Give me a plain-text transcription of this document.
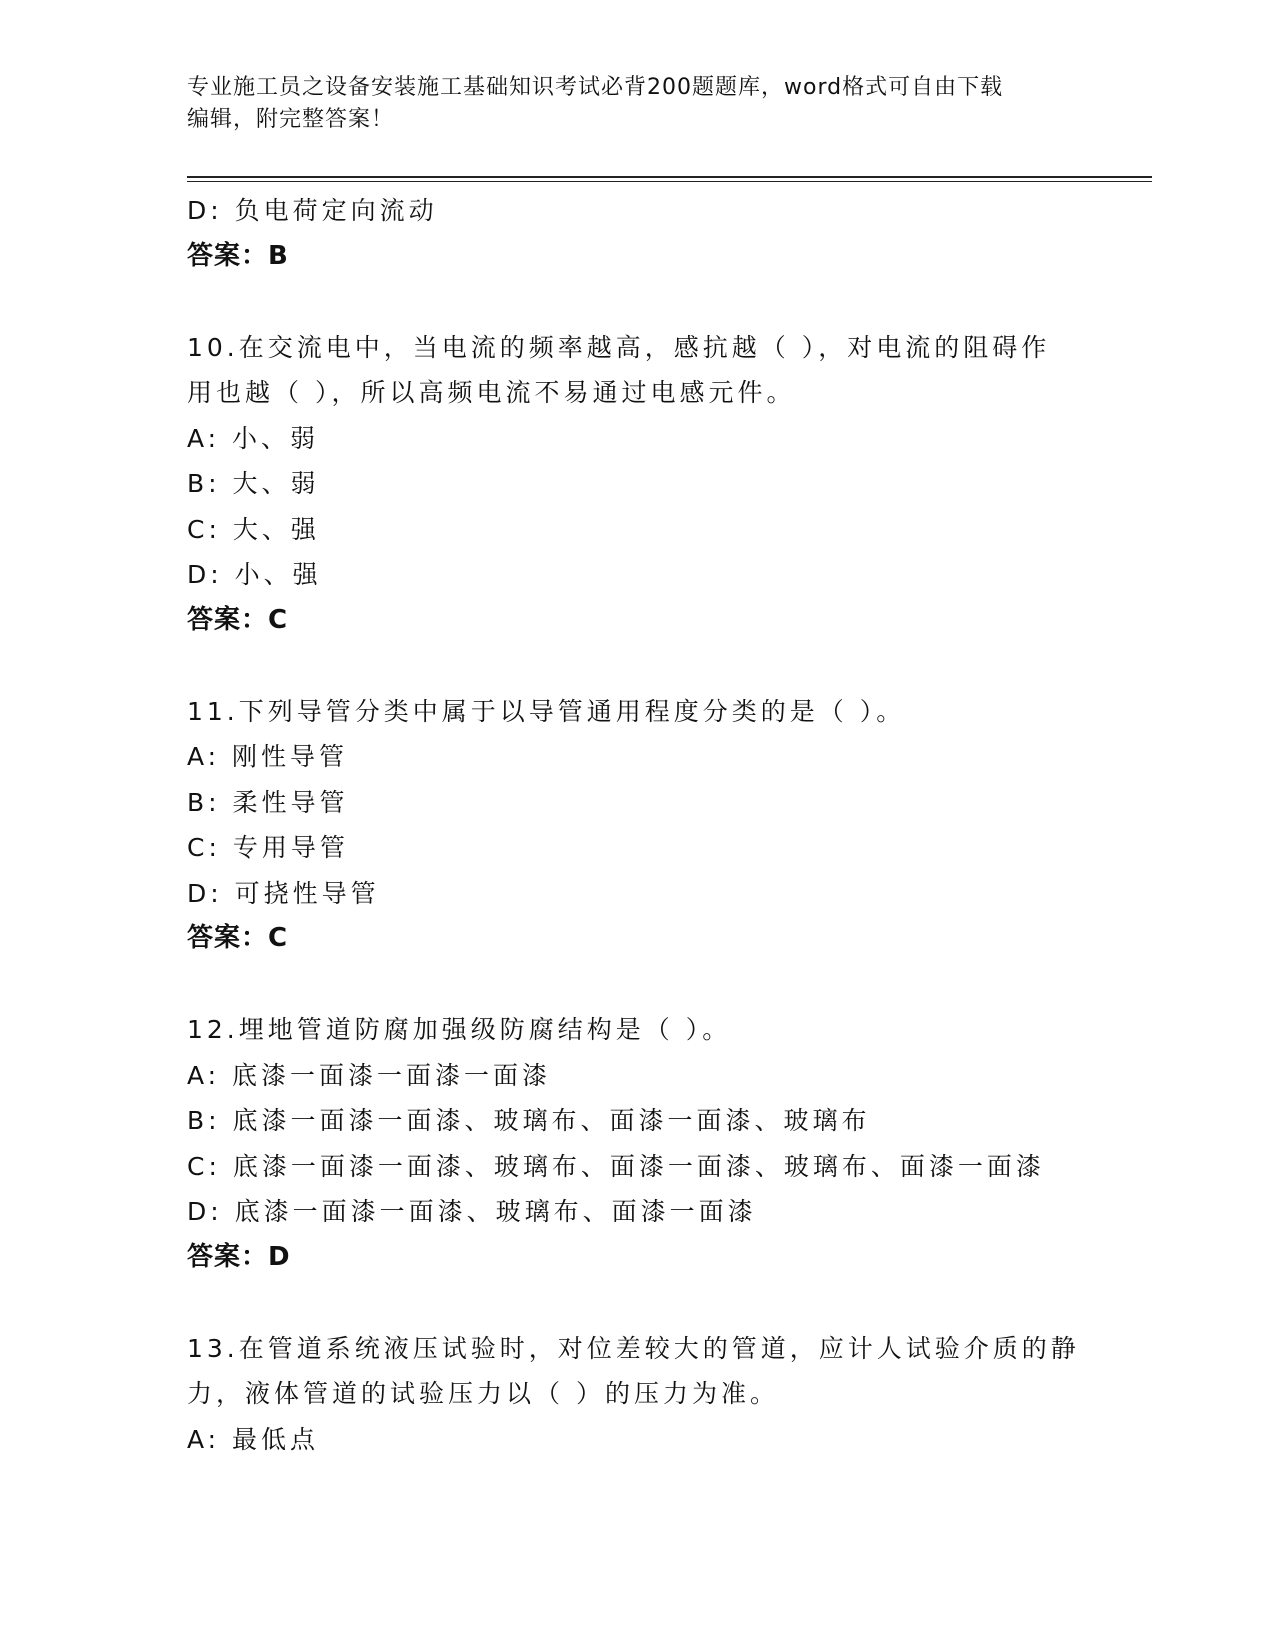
专业施工员之设备安装施工基础知识考试必背200题题库，word格式可自由下载
编辑，附完整答案！
D: 负电荷定向流动
答案：B
10.在交流电中，当电流的频率越高，感抗越（ ），对电流的阻碍作
用也越（ ），所以高频电流不易通过电感元件。
A: 小、弱
B: 大、弱
C: 大、强
D: 小、强
答案：C
11.下列导管分类中属于以导管通用程度分类的是（ ）。
A: 刚性导管
B: 柔性导管
C: 专用导管
D: 可挠性导管
答案：C
12.埋地管道防腐加强级防腐结构是（ ）。
A: 底漆一面漆一面漆一面漆
B: 底漆一面漆一面漆、玻璃布、面漆一面漆、玻璃布
C: 底漆一面漆一面漆、玻璃布、面漆一面漆、玻璃布、面漆一面漆
D: 底漆一面漆一面漆、玻璃布、面漆一面漆
答案：D
13.在管道系统液压试验时，对位差较大的管道，应计人试验介质的静
力，液体管道的试验压力以（ ）的压力为准。
A: 最低点
